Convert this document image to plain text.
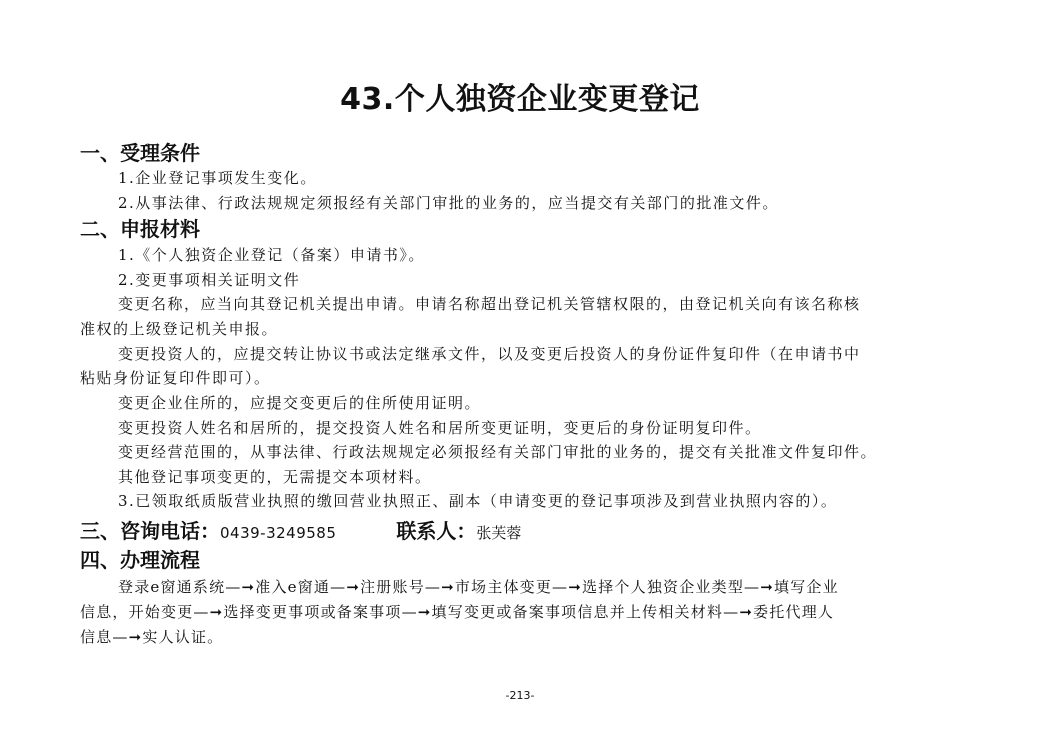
43.个人独资企业变更登记
一、受理条件
1.企业登记事项发生变化。
2.从事法律、行政法规规定须报经有关部门审批的业务的，应当提交有关部门的批准文件。
二、申报材料
1.《个人独资企业登记（备案）申请书》。
2.变更事项相关证明文件
变更名称，应当向其登记机关提出申请。申请名称超出登记机关管辖权限的，由登记机关向有该名称核
准权的上级登记机关申报。
变更投资人的，应提交转让协议书或法定继承文件，以及变更后投资人的身份证件复印件（在申请书中
粘贴身份证复印件即可）。
变更企业住所的，应提交变更后的住所使用证明。
变更投资人姓名和居所的，提交投资人姓名和居所变更证明，变更后的身份证明复印件。
变更经营范围的，从事法律、行政法规规定必须报经有关部门审批的业务的，提交有关批准文件复印件。
其他登记事项变更的，无需提交本项材料。
3.已领取纸质版营业执照的缴回营业执照正、副本（申请变更的登记事项涉及到营业执照内容的）。
三、咨询电话：0439-3249585	联系人：张芙蓉
四、办理流程
登录e窗通系统—➞准入e窗通—➞注册账号—➞市场主体变更—➞选择个人独资企业类型—➞填写企业
信息，开始变更—➞选择变更事项或备案事项—➞填写变更或备案事项信息并上传相关材料—➞委托代理人
信息—➞实人认证。
-213-
